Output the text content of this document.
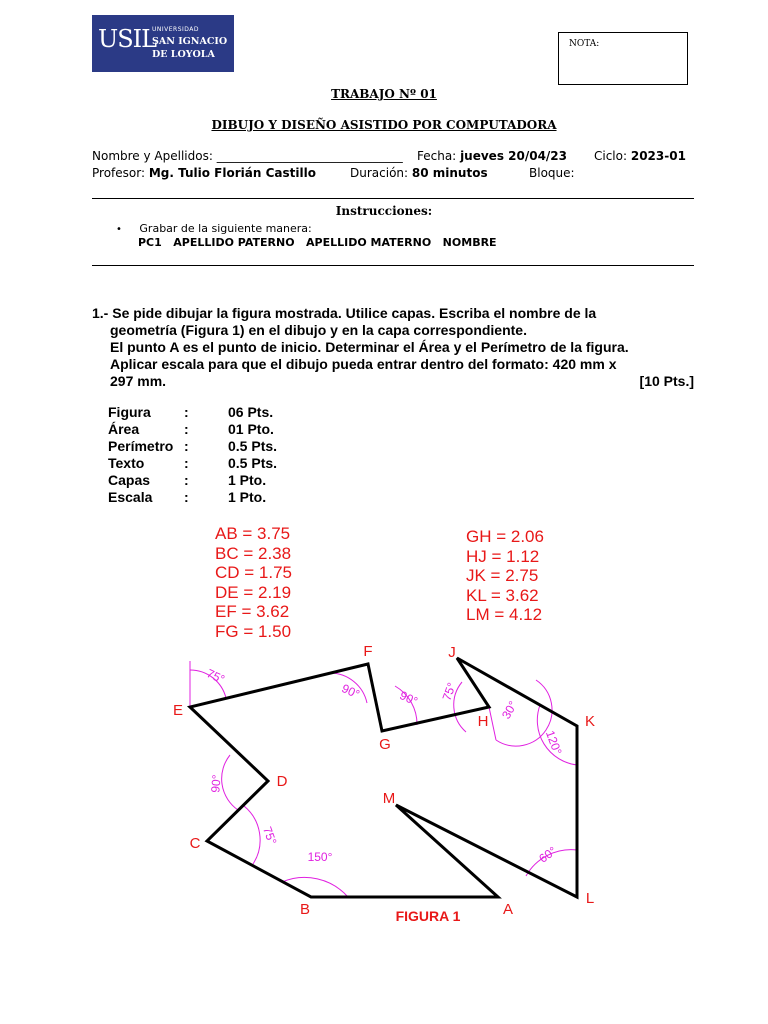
USIL
UNIVERSIDAD
SAN IGNACIO
DE LOYOLA
NOTA:
TRABAJO Nº 01
DIBUJO Y DISEÑO ASISTIDO POR COMPUTADORA
Nombre y Apellidos: _______________________________ Fecha: jueves 20/04/23 Ciclo: 2023-01
Profesor: Mg. Tulio Florián Castillo	Duración: 80 minutos	Bloque:
Instrucciones:
• Grabar de la siguiente manera:
PC1   APELLIDO PATERNO   APELLIDO MATERNO   NOMBRE
1.- Se pide dibujar la figura mostrada. Utilice capas. Escriba el nombre de la
geometría (Figura 1) en el dibujo y en la capa correspondiente.
El punto A es el punto de inicio. Determinar el Área y el Perímetro de la figura.
Aplicar escala para que el dibujo pueda entrar dentro del formato: 420 mm x
297 mm.	[10 Pts.]
Figura	:	06 Pts.
Área	:	01 Pto.
Perímetro	:	0.5 Pts.
Texto	:	0.5 Pts.
Capas	:	1 Pto.
Escala	:	1 Pto.
AB = 3.75
BC = 2.38
CD = 1.75
DE = 2.19
EF = 3.62
FG = 1.50
GH = 2.06
HJ = 1.12
JK = 2.75
KL = 3.62
LM = 4.12
75°
90°	90° 75°
30°
120°
90°
75°
150°	60°
A
B
C
D
E
F
G
H
J
K
L
M
FIGURA 1
